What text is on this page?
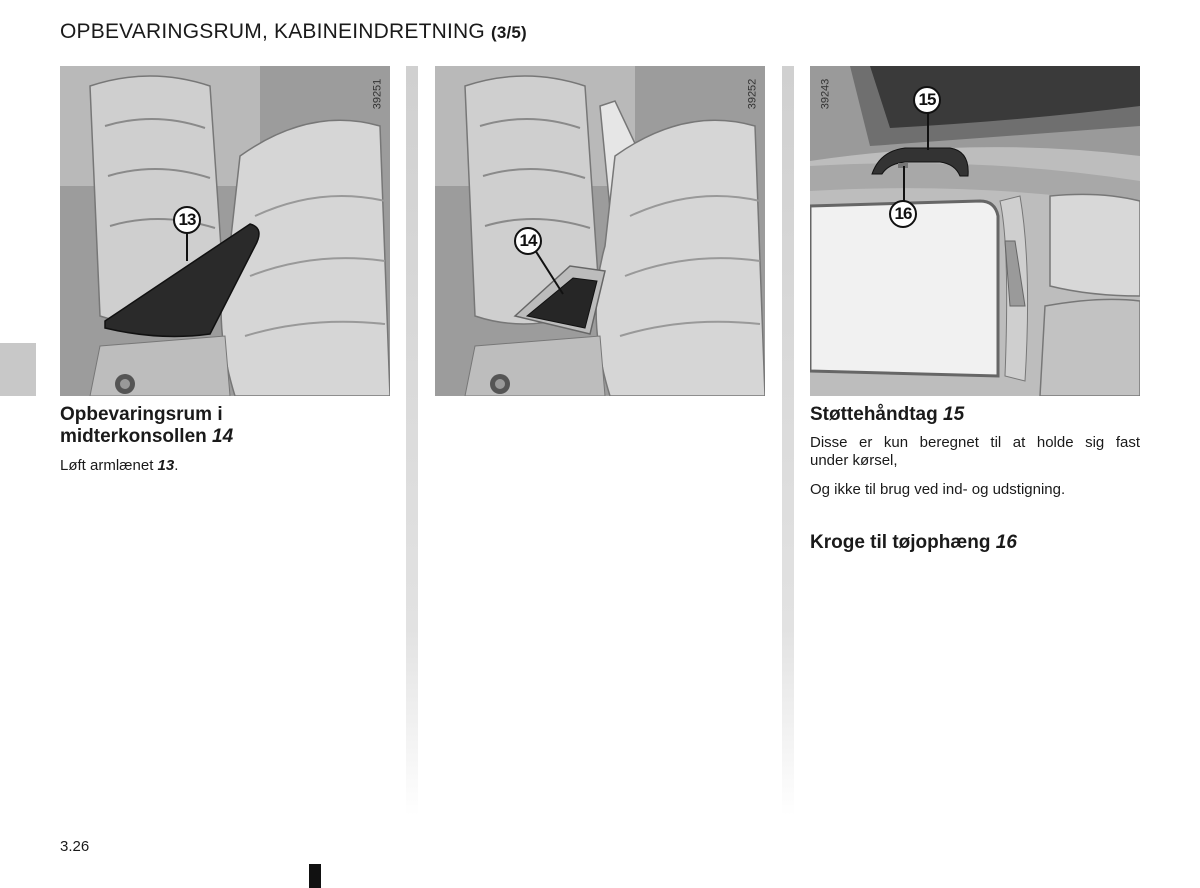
OPBEVARINGSRUM, KABINEINDRETNING (3/5)
39251
13
39252
14
39243	15
16
Opbevaringsrum i
midterkonsollen 14
Løft armlænet 13.
Støttehåndtag 15
Disse er kun beregnet til at holde sig fast
under kørsel,
Og ikke til brug ved ind- og udstigning.
Kroge til tøjophæng 16
3.26
